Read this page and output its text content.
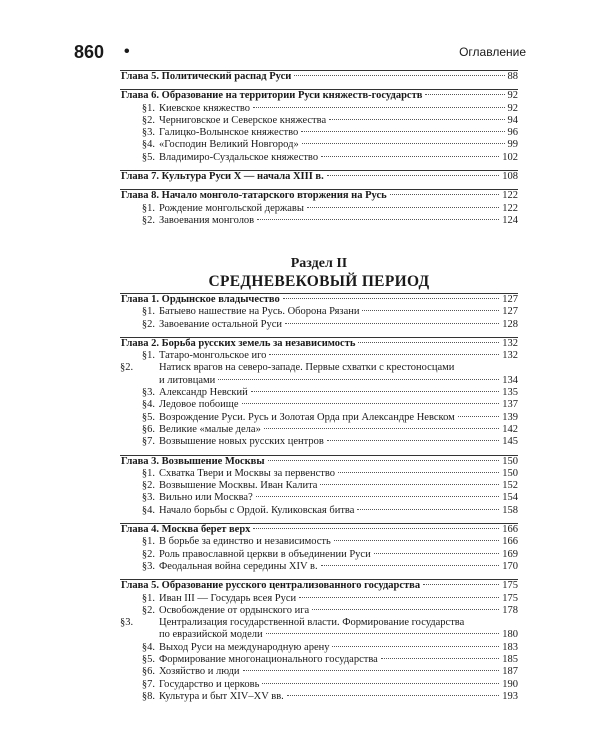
860 •	Оглавление
Глава 5. Политический распад Руси	88
Глава 6. Образование на территории Руси княжеств-государств	92
§1. Киевское княжество	92
§2. Черниговское и Северское княжества	94
§3. Галицко-Волынское княжество	96
§4. «Господин Великий Новгород»	99
§5. Владимиро-Суздальское княжество	102
Глава 7. Культура Руси X — начала XIII в.	108
Глава 8. Начало монголо-татарского вторжения на Русь	122
§1. Рождение монгольской державы	122
§2. Завоевания монголов	124
Раздел II
СРЕДНЕВЕКОВЫЙ ПЕРИОД
Глава 1. Ордынское владычество	127
§1. Батыево нашествие на Русь. Оборона Рязани	127
§2. Завоевание остальной Руси	128
Глава 2. Борьба русских земель за независимость	132
§1. Татаро-монгольское иго	132
§2.	Натиск врагов на северо-западе. Первые схватки с крестоносцами
и литовцами	134
§3. Александр Невский	135
§4. Ледовое побоище	137
§5. Возрождение Руси. Русь и Золотая Орда при Александре Невском	139
§6. Великие «малые дела»	142
§7. Возвышение новых русских центров	145
Глава 3. Возвышение Москвы	150
§1. Схватка Твери и Москвы за первенство	150
§2. Возвышение Москвы. Иван Калита	152
§3. Вильно или Москва?	154
§4. Начало борьбы с Ордой. Куликовская битва	158
Глава 4. Москва берет верх	166
§1. В борьбе за единство и независимость	166
§2. Роль православной церкви в объединении Руси	169
§3. Феодальная война середины XIV в.	170
Глава 5. Образование русского централизованного государства	175
§1. Иван III — Государь всея Руси	175
§2. Освобождение от ордынского ига	178
§3.	Централизация государственной власти. Формирование государства
по евразийской модели	180
§4. Выход Руси на международную арену	183
§5. Формирование многонационального государства	185
§6. Хозяйство и люди	187
§7. Государство и церковь	190
§8. Культура и быт XIV–XV вв.	193
